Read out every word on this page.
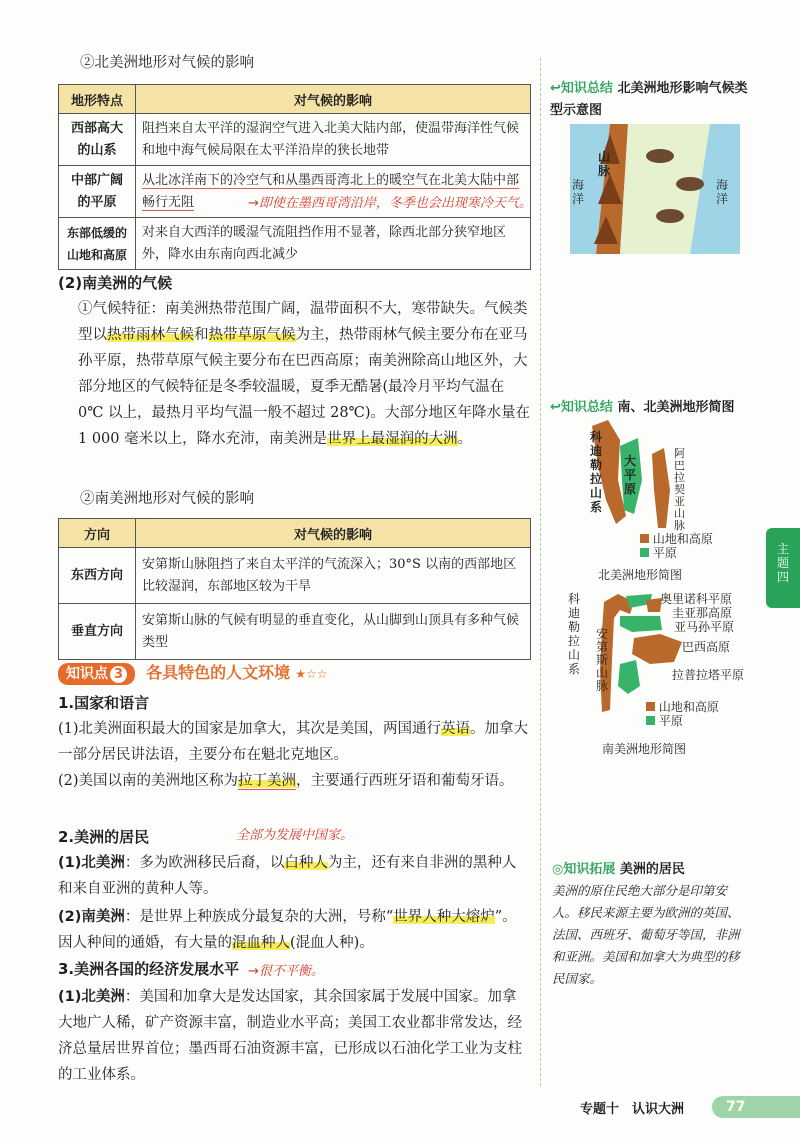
②北美洲地形对气候的影响
地形特点	对气候的影响
西部高大
的山系	阻挡来自太平洋的湿润空气进入北美大陆内部，使温带海洋性气候和地中海气候局限在太平洋沿岸的狭长地带
中部广阔
的平原	从北冰洋南下的冷空气和从墨西哥湾北上的暖空气在北美大陆中部畅行无阻
东部低缓的
山地和高原	对来自大西洋的暖湿气流阻挡作用不显著，除西北部分狭窄地区外，降水由东南向西北减少
→即使在墨西哥湾沿岸，冬季也会出现寒冷天气。
(2)南美洲的气候
①气候特征：南美洲热带范围广阔，温带面积不大，寒带缺失。气候类型以热带雨林气候和热带草原气候为主，热带雨林气候主要分布在亚马孙平原，热带草原气候主要分布在巴西高原；南美洲除高山地区外，大部分地区的气候特征是冬季较温暖，夏季无酷暑(最冷月平均气温在 0℃ 以上，最热月平均气温一般不超过 28℃)。大部分地区年降水量在 1 000 毫米以上，降水充沛，南美洲是世界上最湿润的大洲。
②南美洲地形对气候的影响
方向	对气候的影响
东西方向	安第斯山脉阻挡了来自太平洋的气流深入；30°S 以南的西部地区比较湿润，东部地区较为干旱
垂直方向	安第斯山脉的气候有明显的垂直变化，从山脚到山顶具有多种气候类型
知识点 3 各具特色的人文环境 ★☆☆
1.国家和语言
(1)北美洲面积最大的国家是加拿大，其次是美国，两国通行英语。加拿大一部分居民讲法语，主要分布在魁北克地区。
(2)美国以南的美洲地区称为拉丁美洲，主要通行西班牙语和葡萄牙语。
全部为发展中国家。
2.美洲的居民
(1)北美洲：多为欧洲移民后裔，以白种人为主，还有来自非洲的黑种人和来自亚洲的黄种人等。
(2)南美洲：是世界上种族成分最复杂的大洲，号称“世界人种大熔炉”。因人种间的通婚，有大量的混血种人(混血人种)。
3.美洲各国的经济发展水平 →很不平衡。
(1)北美洲：美国和加拿大是发达国家，其余国家属于发展中国家。加拿大地广人稀，矿产资源丰富，制造业水平高；美国工农业都非常发达，经济总量居世界首位；墨西哥石油资源丰富，已形成以石油化学工业为支柱的工业体系。
↩知识总结 北美洲地形影响气候类型示意图
山脉
海洋
海洋
↩知识总结 南、北美洲地形简图
科迪勒拉山系
大平原
阿巴拉契亚山脉
山地和高原
平原
北美洲地形简图
科迪勒拉山系
安第斯山脉
奥里诺科平原
圭亚那高原
亚马孙平原
巴西高原
拉普拉塔平原
山地和高原
平原
南美洲地形简图
◎知识拓展 美洲的居民
美洲的原住民绝大部分是印第安人。移民来源主要为欧洲的英国、法国、西班牙、葡萄牙等国，非洲和亚洲。美国和加拿大为典型的移民国家。
主题四
专题十　认识大洲	77
